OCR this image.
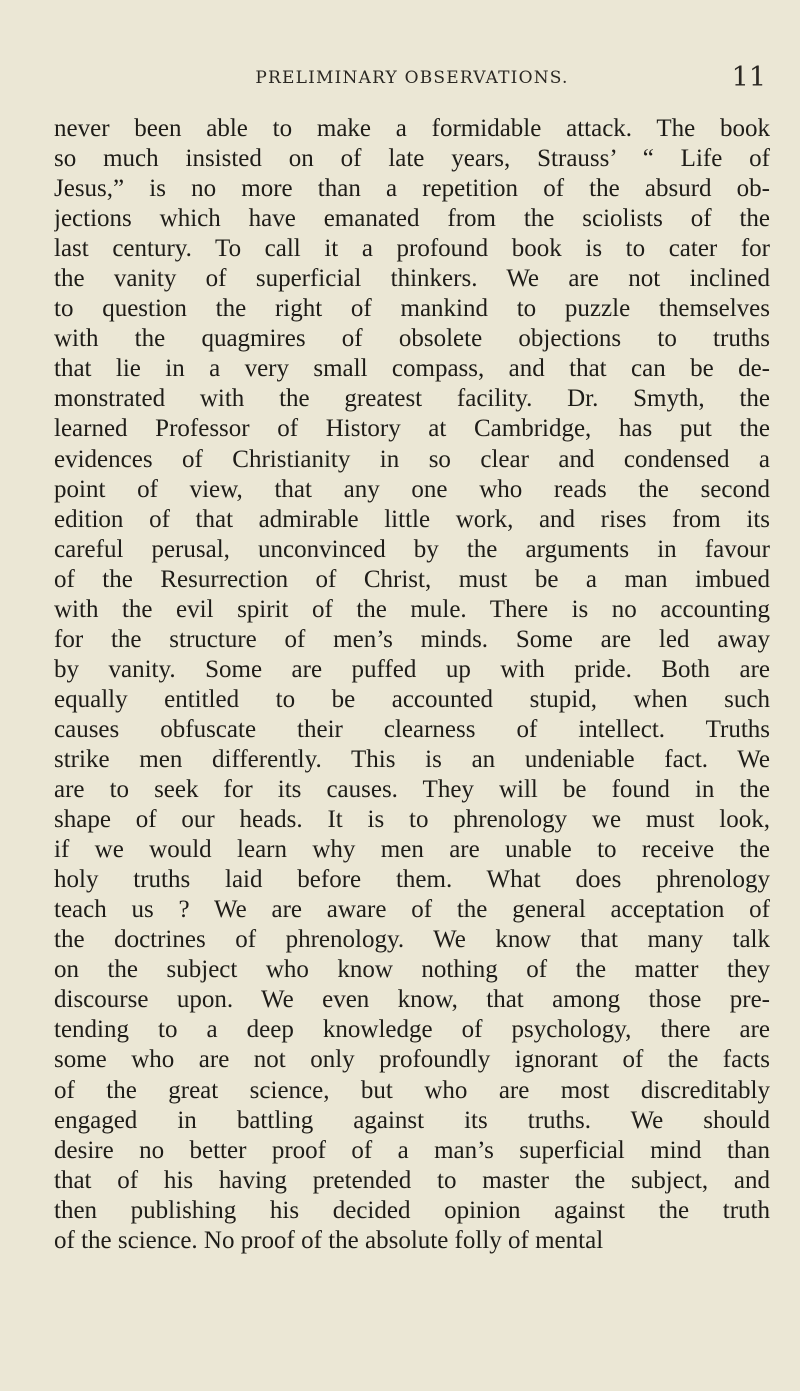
PRELIMINARY OBSERVATIONS.	11
never been able to make a formidable attack. The book
so much insisted on of late years, Strauss’ “ Life of
Jesus,” is no more than a repetition of the absurd ob-
jections which have emanated from the sciolists of the
last century. To call it a profound book is to cater for
the vanity of superficial thinkers. We are not inclined
to question the right of mankind to puzzle themselves
with the quagmires of obsolete objections to truths
that lie in a very small compass, and that can be de-
monstrated with the greatest facility. Dr. Smyth, the
learned Professor of History at Cambridge, has put the
evidences of Christianity in so clear and condensed a
point of view, that any one who reads the second
edition of that admirable little work, and rises from its
careful perusal, unconvinced by the arguments in favour
of the Resurrection of Christ, must be a man imbued
with the evil spirit of the mule. There is no accounting
for the structure of men’s minds. Some are led away
by vanity. Some are puffed up with pride. Both are
equally entitled to be accounted stupid, when such
causes obfuscate their clearness of intellect. Truths
strike men differently. This is an undeniable fact. We
are to seek for its causes. They will be found in the
shape of our heads. It is to phrenology we must look,
if we would learn why men are unable to receive the
holy truths laid before them. What does phrenology
teach us ? We are aware of the general acceptation of
the doctrines of phrenology. We know that many talk
on the subject who know nothing of the matter they
discourse upon. We even know, that among those pre-
tending to a deep knowledge of psychology, there are
some who are not only profoundly ignorant of the facts
of the great science, but who are most discreditably
engaged in battling against its truths. We should
desire no better proof of a man’s superficial mind than
that of his having pretended to master the subject, and
then publishing his decided opinion against the truth
of the science. No proof of the absolute folly of mental
